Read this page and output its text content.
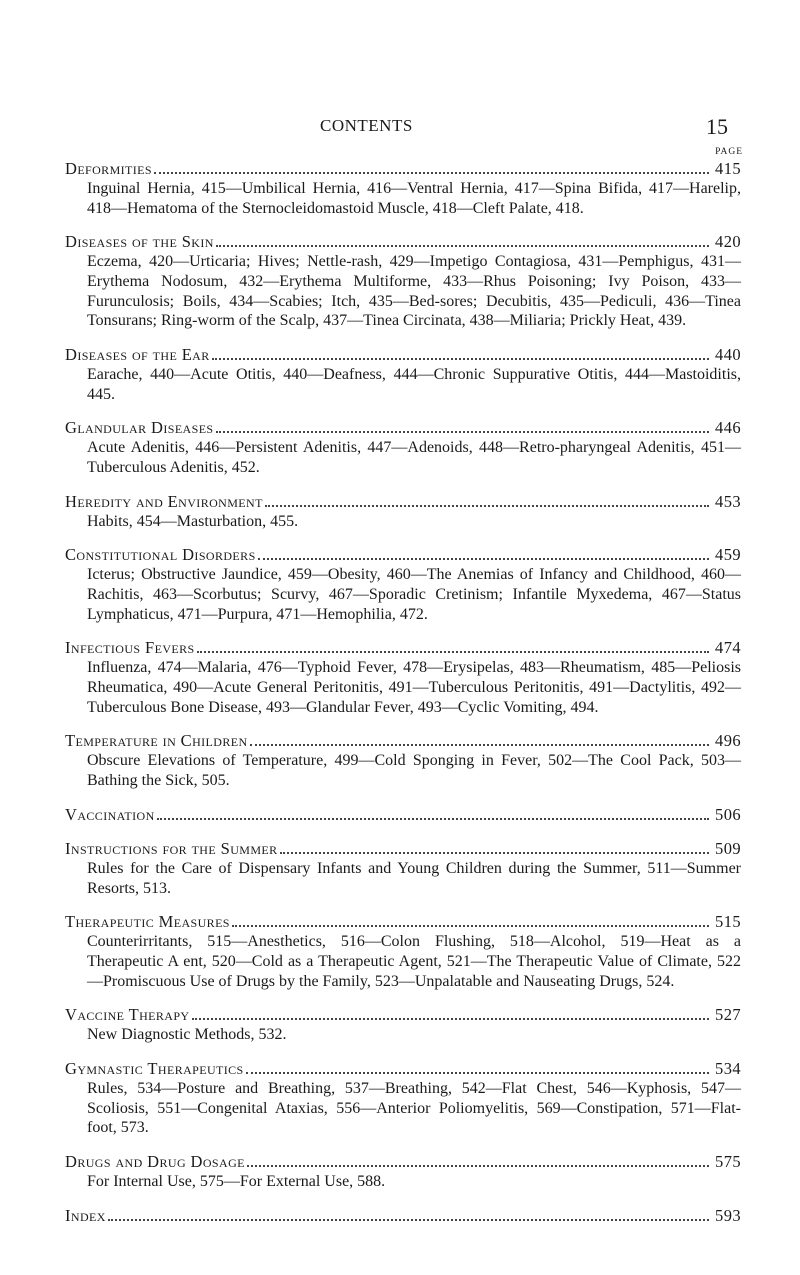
CONTENTS	15
PAGE
Deformities	415
Inguinal Hernia, 415—Umbilical Hernia, 416—Ventral Hernia, 417—Spina Bifida, 417—Harelip, 418—Hematoma of the Sternocleidomastoid Muscle, 418—Cleft Palate, 418.
Diseases of the Skin	420
Eczema, 420—Urticaria; Hives; Nettle-rash, 429—Impetigo Contagiosa, 431—Pemphigus, 431—Erythema Nodosum, 432—Erythema Multiforme, 433—Rhus Poisoning; Ivy Poison, 433—Furunculosis; Boils, 434—Scabies; Itch, 435—Bed-sores; Decubitis, 435—Pediculi, 436—Tinea Tonsurans; Ring-worm of the Scalp, 437—Tinea Circinata, 438—Miliaria; Prickly Heat, 439.
Diseases of the Ear	440
Earache, 440—Acute Otitis, 440—Deafness, 444—Chronic Suppurative Otitis, 444—Mastoiditis, 445.
Glandular Diseases	446
Acute Adenitis, 446—Persistent Adenitis, 447—Adenoids, 448—Retro-pharyngeal Adenitis, 451—Tuberculous Adenitis, 452.
Heredity and Environment	453
Habits, 454—Masturbation, 455.
Constitutional Disorders	459
Icterus; Obstructive Jaundice, 459—Obesity, 460—The Anemias of Infancy and Childhood, 460—Rachitis, 463—Scorbutus; Scurvy, 467—Sporadic Cretinism; Infantile Myxedema, 467—Status Lymphaticus, 471—Purpura, 471—Hemophilia, 472.
Infectious Fevers	474
Influenza, 474—Malaria, 476—Typhoid Fever, 478—Erysipelas, 483—Rheumatism, 485—Peliosis Rheumatica, 490—Acute General Peritonitis, 491—Tuberculous Peritonitis, 491—Dactylitis, 492—Tuberculous Bone Disease, 493—Glandular Fever, 493—Cyclic Vomiting, 494.
Temperature in Children	496
Obscure Elevations of Temperature, 499—Cold Sponging in Fever, 502—The Cool Pack, 503—Bathing the Sick, 505.
Vaccination	506
Instructions for the Summer	509
Rules for the Care of Dispensary Infants and Young Children during the Summer, 511—Summer Resorts, 513.
Therapeutic Measures	515
Counterirritants, 515—Anesthetics, 516—Colon Flushing, 518—Alcohol, 519—Heat as a Therapeutic A ent, 520—Cold as a Therapeutic Agent, 521—The Therapeutic Value of Climate, 522—Promiscuous Use of Drugs by the Family, 523—Unpalatable and Nauseating Drugs, 524.
Vaccine Therapy	527
New Diagnostic Methods, 532.
Gymnastic Therapeutics	534
Rules, 534—Posture and Breathing, 537—Breathing, 542—Flat Chest, 546—Kyphosis, 547—Scoliosis, 551—Congenital Ataxias, 556—Anterior Poliomyelitis, 569—Constipation, 571—Flat-foot, 573.
Drugs and Drug Dosage	575
For Internal Use, 575—For External Use, 588.
Index	593
